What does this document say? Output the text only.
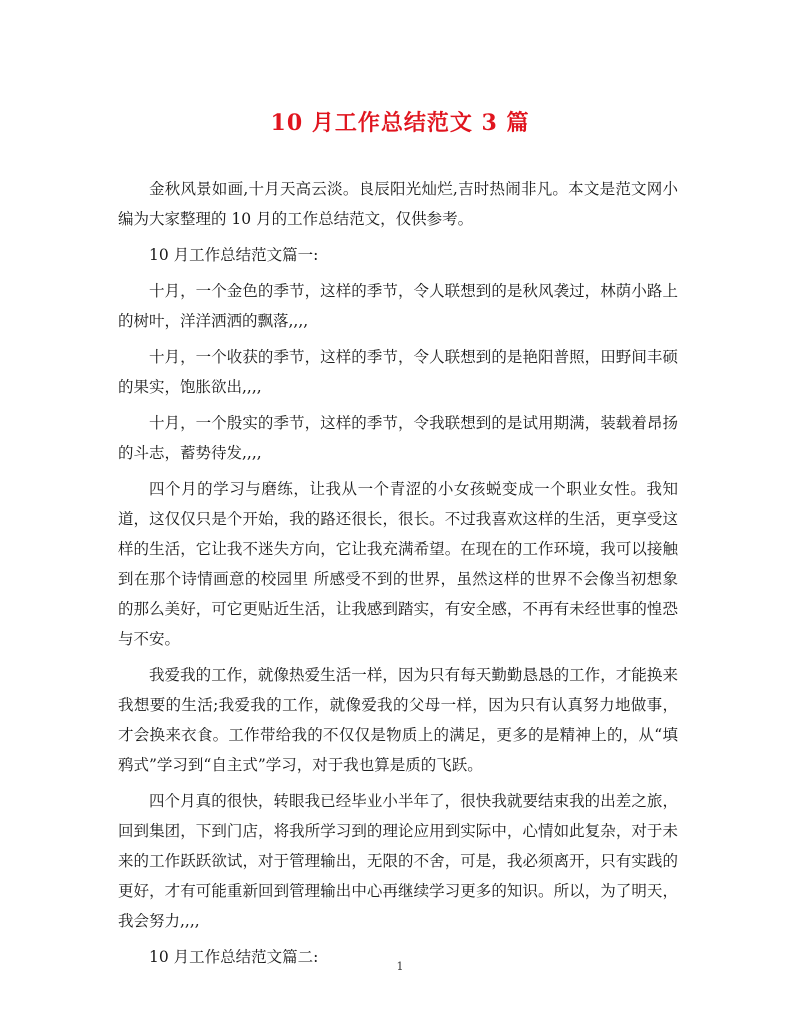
10 月工作总结范文 3 篇

金秋风景如画,十月天高云淡。良辰阳光灿烂,吉时热闹非凡。本文是范文网小编为大家整理的 10 月的工作总结范文，仅供参考。

10 月工作总结范文篇一:

十月，一个金色的季节，这样的季节，令人联想到的是秋风袭过，林荫小路上的树叶，洋洋洒洒的飘落,,,,

十月，一个收获的季节，这样的季节，令人联想到的是艳阳普照，田野间丰硕的果实，饱胀欲出,,,,

十月，一个殷实的季节，这样的季节，令我联想到的是试用期满，装载着昂扬的斗志，蓄势待发,,,,

四个月的学习与磨练，让我从一个青涩的小女孩蜕变成一个职业女性。我知道，这仅仅只是个开始，我的路还很长，很长。不过我喜欢这样的生活，更享受这样的生活，它让我不迷失方向，它让我充满希望。在现在的工作环境，我可以接触到在那个诗情画意的校园里 所感受不到的世界，虽然这样的世界不会像当初想象的那么美好，可它更贴近生活，让我感到踏实，有安全感，不再有未经世事的惶恐与不安。

我爱我的工作，就像热爱生活一样，因为只有每天勤勤恳恳的工作，才能换来我想要的生活;我爱我的工作，就像爱我的父母一样，因为只有认真努力地做事，才会换来衣食。工作带给我的不仅仅是物质上的满足，更多的是精神上的，从“填鸦式”学习到“自主式”学习，对于我也算是质的飞跃。

四个月真的很快，转眼我已经毕业小半年了，很快我就要结束我的出差之旅，回到集团，下到门店，将我所学习到的理论应用到实际中，心情如此复杂，对于未来的工作跃跃欲试，对于管理输出，无限的不舍，可是，我必须离开，只有实践的更好，才有可能重新回到管理输出中心再继续学习更多的知识。所以，为了明天，我会努力,,,,

10 月工作总结范文篇二:

1
